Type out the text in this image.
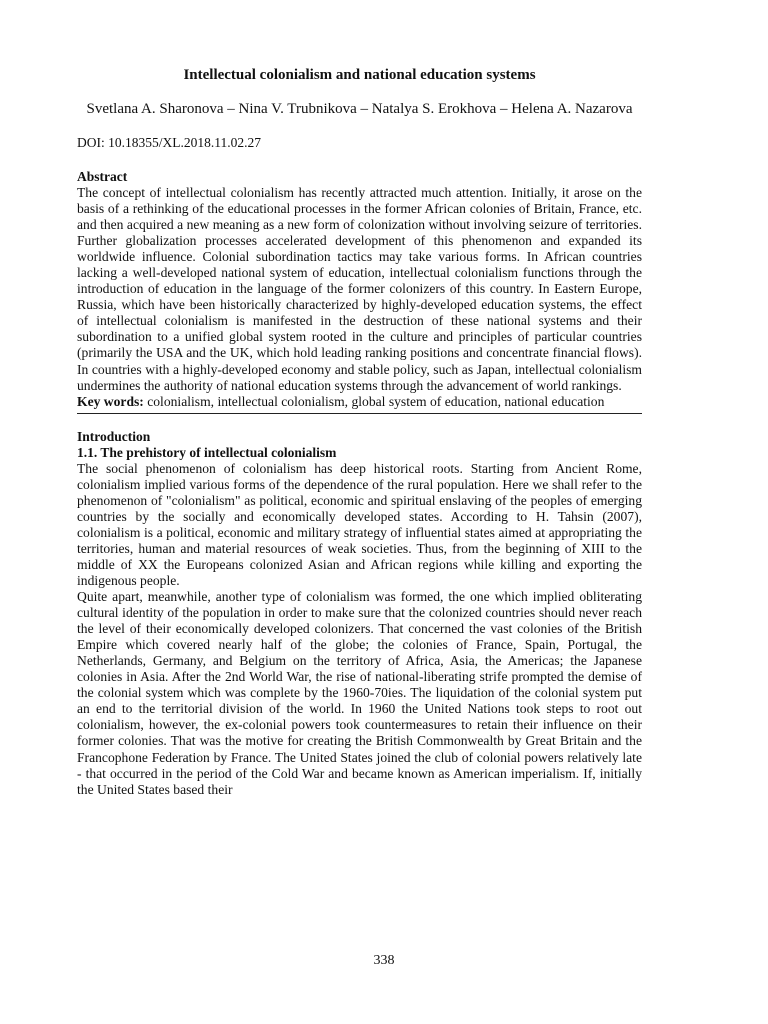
Intellectual colonialism and national education systems

Svetlana A. Sharonova – Nina V. Trubnikova – Natalya S. Erokhova – Helena A. Nazarova

DOI: 10.18355/XL.2018.11.02.27

Abstract

The concept of intellectual colonialism has recently attracted much attention. Initially, it arose on the basis of a rethinking of the educational processes in the former African colonies of Britain, France, etc. and then acquired a new meaning as a new form of colonization without involving seizure of territories. Further globalization processes accelerated development of this phenomenon and expanded its worldwide influence. Colonial subordination tactics may take various forms. In African countries lacking a well-developed national system of education, intellectual colonialism functions through the introduction of education in the language of the former colonizers of this country. In Eastern Europe, Russia, which have been historically characterized by highly-developed education systems, the effect of intellectual colonialism is manifested in the destruction of these national systems and their subordination to a unified global system rooted in the culture and principles of particular countries (primarily the USA and the UK, which hold leading ranking positions and concentrate financial flows). In countries with a highly-developed economy and stable policy, such as Japan, intellectual colonialism undermines the authority of national education systems through the advancement of world rankings.

Key words: colonialism, intellectual colonialism, global system of education, national education

Introduction
1.1. The prehistory of intellectual colonialism

The social phenomenon of colonialism has deep historical roots. Starting from Ancient Rome, colonialism implied various forms of the dependence of the rural population. Here we shall refer to the phenomenon of "colonialism" as political, economic and spiritual enslaving of the peoples of emerging countries by the socially and economically developed states. According to H. Tahsin (2007), colonialism is a political, economic and military strategy of influential states aimed at appropriating the territories, human and material resources of weak societies. Thus, from the beginning of XIII to the middle of XX the Europeans colonized Asian and African regions while killing and exporting the indigenous people.

Quite apart, meanwhile, another type of colonialism was formed, the one which implied obliterating cultural identity of the population in order to make sure that the colonized countries should never reach the level of their economically developed colonizers. That concerned the vast colonies of the British Empire which covered nearly half of the globe; the colonies of France, Spain, Portugal, the Netherlands, Germany, and Belgium on the territory of Africa, Asia, the Americas; the Japanese colonies in Asia. After the 2nd World War, the rise of national-liberating strife prompted the demise of the colonial system which was complete by the 1960-70ies. The liquidation of the colonial system put an end to the territorial division of the world. In 1960 the United Nations took steps to root out colonialism, however, the ex-colonial powers took countermeasures to retain their influence on their former colonies. That was the motive for creating the British Commonwealth by Great Britain and the Francophone Federation by France. The United States joined the club of colonial powers relatively late - that occurred in the period of the Cold War and became known as American imperialism. If, initially the United States based their

338
